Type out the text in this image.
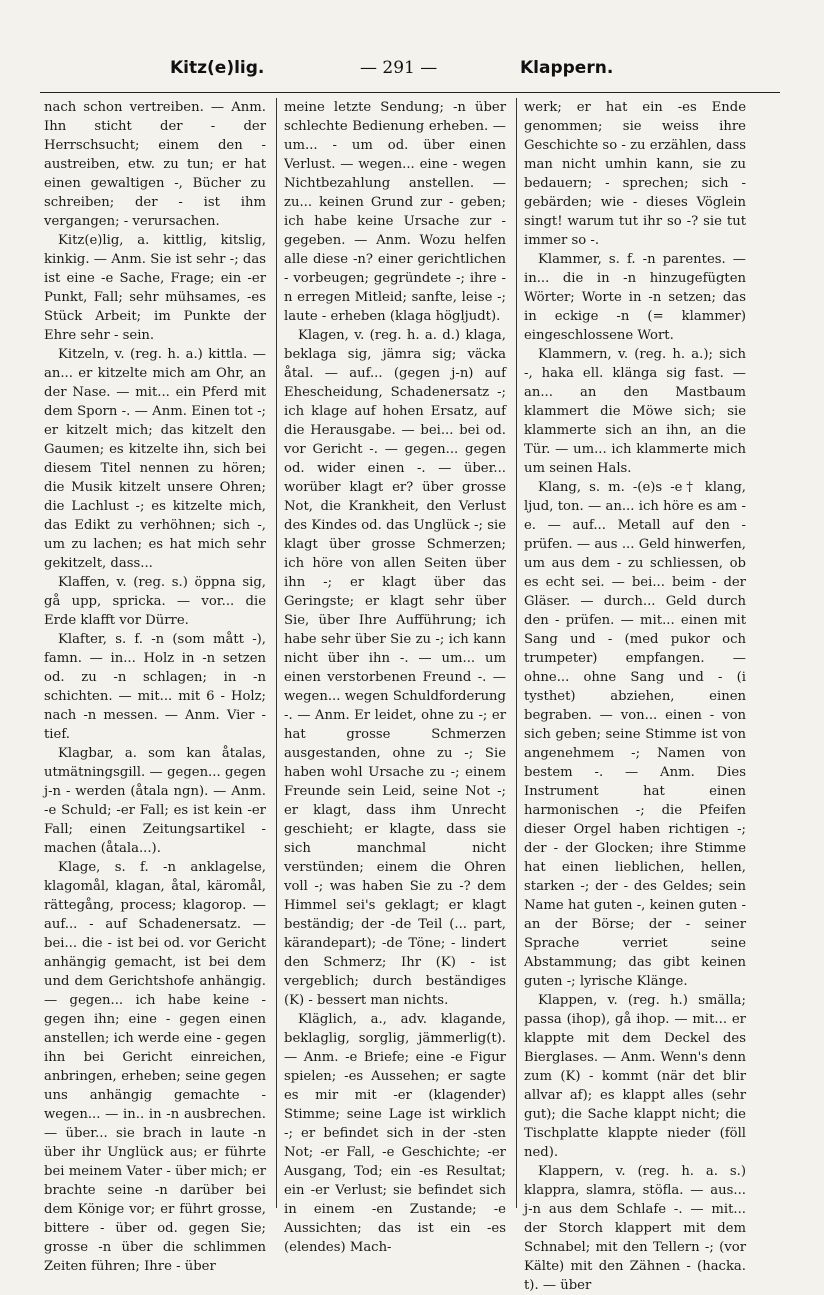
Kitz(e)lig.	— 291 —	Klappern.

nach schon vertreiben. — Anm. Ihn sticht der - der Herrschsucht; einem den - austreiben, etw. zu tun; er hat einen gewaltigen -, Bücher zu schreiben; der - ist ihm vergangen; - verursachen.

Kitz(e)lig, a. kittlig, kitslig, kinkig. — Anm. Sie ist sehr -; das ist eine -e Sache, Frage; ein -er Punkt, Fall; sehr mühsames, -es Stück Arbeit; im Punkte der Ehre sehr - sein.

Kitzeln, v. (reg. h. a.) kittla. — an... er kitzelte mich am Ohr, an der Nase. — mit... ein Pferd mit dem Sporn -. — Anm. Einen tot -; er kitzelt mich; das kitzelt den Gaumen; es kitzelte ihn, sich bei diesem Titel nennen zu hören; die Musik kitzelt unsere Ohren; die Lachlust -; es kitzelte mich, das Edikt zu verhöhnen; sich -, um zu lachen; es hat mich sehr gekitzelt, dass...

Klaffen, v. (reg. s.) öppna sig, gå upp, spricka. — vor... die Erde klafft vor Dürre.

Klafter, s. f. -n (som mått -), famn. — in... Holz in -n setzen od. zu -n schlagen; in -n schichten. — mit... mit 6 - Holz; nach -n messen. — Anm. Vier - tief.

Klagbar, a. som kan åtalas, utmätningsgill. — gegen... gegen j-n - werden (åtala ngn). — Anm. -e Schuld; -er Fall; es ist kein -er Fall; einen Zeitungsartikel - machen (åtala...).

Klage, s. f. -n anklagelse, klagomål, klagan, åtal, käromål, rättegång, process; klagorop. — auf... - auf Schadenersatz. — bei... die - ist bei od. vor Gericht anhängig gemacht, ist bei dem und dem Gerichtshofe anhängig. — gegen... ich habe keine - gegen ihn; eine - gegen einen anstellen; ich werde eine - gegen ihn bei Gericht einreichen, anbringen, erheben; seine gegen uns anhängig gemachte - wegen... — in.. in -n ausbrechen. — über... sie brach in laute -n über ihr Unglück aus; er führte bei meinem Vater - über mich; er brachte seine -n darüber bei dem Könige vor; er führt grosse, bittere - über od. gegen Sie; grosse -n über die schlimmen Zeiten führen; Ihre - über

meine letzte Sendung; -n über schlechte Bedienung erheben. — um... - um od. über einen Verlust. — wegen... eine - wegen Nichtbezahlung anstellen. — zu... keinen Grund zur - geben; ich habe keine Ursache zur - gegeben. — Anm. Wozu helfen alle diese -n? einer gerichtlichen - vorbeugen; gegründete -; ihre -n erregen Mitleid; sanfte, leise -; laute - erheben (klaga högljudt).

Klagen, v. (reg. h. a. d.) klaga, beklaga sig, jämra sig; väcka åtal. — auf... (gegen j-n) auf Ehescheidung, Schadenersatz -; ich klage auf hohen Ersatz, auf die Herausgabe. — bei... bei od. vor Gericht -. — gegen... gegen od. wider einen -. — über... worüber klagt er? über grosse Not, die Krankheit, den Verlust des Kindes od. das Unglück -; sie klagt über grosse Schmerzen; ich höre von allen Seiten über ihn -; er klagt über das Geringste; er klagt sehr über Sie, über Ihre Aufführung; ich habe sehr über Sie zu -; ich kann nicht über ihn -. — um... um einen verstorbenen Freund -. — wegen... wegen Schuldforderung -. — Anm. Er leidet, ohne zu -; er hat grosse Schmerzen ausgestanden, ohne zu -; Sie haben wohl Ursache zu -; einem Freunde sein Leid, seine Not -; er klagt, dass ihm Unrecht geschieht; er klagte, dass sie sich manchmal nicht verstünden; einem die Ohren voll -; was haben Sie zu -? dem Himmel sei's geklagt; er klagt beständig; der -de Teil (... part, kärandepart); -de Töne; - lindert den Schmerz; Ihr (K) - ist vergeblich; durch beständiges (K) - bessert man nichts.

Kläglich, a., adv. klagande, beklaglig, sorglig, jämmerlig(t). — Anm. -e Briefe; eine -e Figur spielen; -es Aussehen; er sagte es mir mit -er (klagender) Stimme; seine Lage ist wirklich -; er befindet sich in der -sten Not; -er Fall, -e Geschichte; -er Ausgang, Tod; ein -es Resultat; ein -er Verlust; sie befindet sich in einem -en Zustande; -e Aussichten; das ist ein -es (elendes) Mach-

werk; er hat ein -es Ende genommen; sie weiss ihre Geschichte so - zu erzählen, dass man nicht umhin kann, sie zu bedauern; - sprechen; sich - gebärden; wie - dieses Vöglein singt! warum tut ihr so -? sie tut immer so -.

Klammer, s. f. -n parentes. — in... die in -n hinzugefügten Wörter; Worte in -n setzen; das in eckige -n (= klammer) eingeschlossene Wort.

Klammern, v. (reg. h. a.); sich -, haka ell. klänga sig fast. — an... an den Mastbaum klammert die Möwe sich; sie klammerte sich an ihn, an die Tür. — um... ich klammerte mich um seinen Hals.

Klang, s. m. -(e)s -e† klang, ljud, ton. — an... ich höre es am -e. — auf... Metall auf den - prüfen. — aus ... Geld hinwerfen, um aus dem - zu schliessen, ob es echt sei. — bei... beim - der Gläser. — durch... Geld durch den - prüfen. — mit... einen mit Sang und - (med pukor och trumpeter) empfangen. — ohne... ohne Sang und - (i tysthet) abziehen, einen begraben. — von... einen - von sich geben; seine Stimme ist von angenehmem -; Namen von bestem -. — Anm. Dies Instrument hat einen harmonischen -; die Pfeifen dieser Orgel haben richtigen -; der - der Glocken; ihre Stimme hat einen lieblichen, hellen, starken -; der - des Geldes; sein Name hat guten -, keinen guten - an der Börse; der - seiner Sprache verriet seine Abstammung; das gibt keinen guten -; lyrische Klänge.

Klappen, v. (reg. h.) smälla; passa (ihop), gå ihop. — mit... er klappte mit dem Deckel des Bierglases. — Anm. Wenn's denn zum (K) - kommt (när det blir allvar af); es klappt alles (sehr gut); die Sache klappt nicht; die Tischplatte klappte nieder (föll ned).

Klappern, v. (reg. h. a. s.) klappra, slamra, stöfla. — aus... j-n aus dem Schlafe -. — mit... der Storch klappert mit dem Schnabel; mit den Tellern -; (vor Kälte) mit den Zähnen - (hacka. t). — über
